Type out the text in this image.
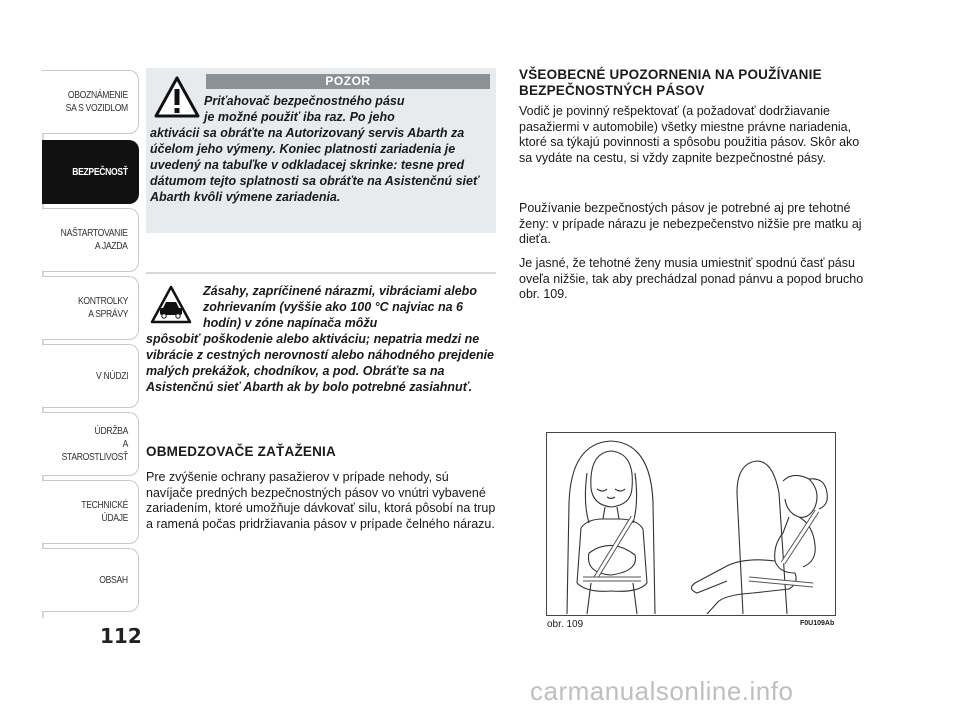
OBOZNÁMENIE
SA S VOZIDLOM
BEZPEČNOSŤ
NAŠTARTOVANIE
A JAZDA
KONTROLKY
A SPRÁVY
V NÚDZI
ÚDRŽBA
A STAROSTLIVOSŤ
TECHNICKÉ
ÚDAJE
OBSAH
112
POZOR
Priťahovač bezpečnostného pásu
je možné použiť iba raz. Po jeho
aktivácii sa obráťte na Autorizovaný servis Abarth za účelom jeho výmeny. Koniec platnosti zariadenia je uvedený na tabuľke v odkladacej skrinke: tesne pred dátumom tejto splatnosti sa obráťte na Asistenčnú sieť Abarth kvôli výmene zariadenia.
Zásahy, zapríčinené nárazmi, vibráciami alebo zohrievaním (vyššie ako 100 °C najviac na 6 hodín) v zóne napínača môžu
spôsobiť poškodenie alebo aktiváciu; nepatria medzi ne vibrácie z cestných nerovností alebo náhodného prejdenie malých prekážok, chodníkov, a pod. Obráťte sa na Asistenčnú sieť Abarth ak by bolo potrebné zasiahnuť.
OBMEDZOVAČE ZAŤAŽENIA
Pre zvýšenie ochrany pasažierov v prípade nehody, sú navíjače predných bezpečnostných pásov vo vnútri vybavené zariadením, ktoré umožňuje dávkovať silu, ktorá pôsobí na trup a ramená počas pridržiavania pásov v prípade čelného nárazu.
VŠEOBECNÉ UPOZORNENIA NA POUŽÍVANIE BEZPEČNOSTNÝCH PÁSOV

Vodič je povinný rešpektovať (a požadovať dodržiavanie pasažiermi v automobile) všetky miestne právne nariadenia, ktoré sa týkajú povinnosti a spôsobu použitia pásov. Skôr ako sa vydáte na cestu, si vždy zapnite bezpečnostné pásy.

Používanie bezpečnostých pásov je potrebné aj pre tehotné ženy: v prípade nárazu je nebezpečenstvo nižšie pre matku aj dieťa.

Je jasné, že tehotné ženy musia umiestniť spodnú časť pásu oveľa nižšie, tak aby prechádzal ponad pánvu a popod brucho obr. 109.

obr. 109	F0U109Ab
carmanualsonline.info
